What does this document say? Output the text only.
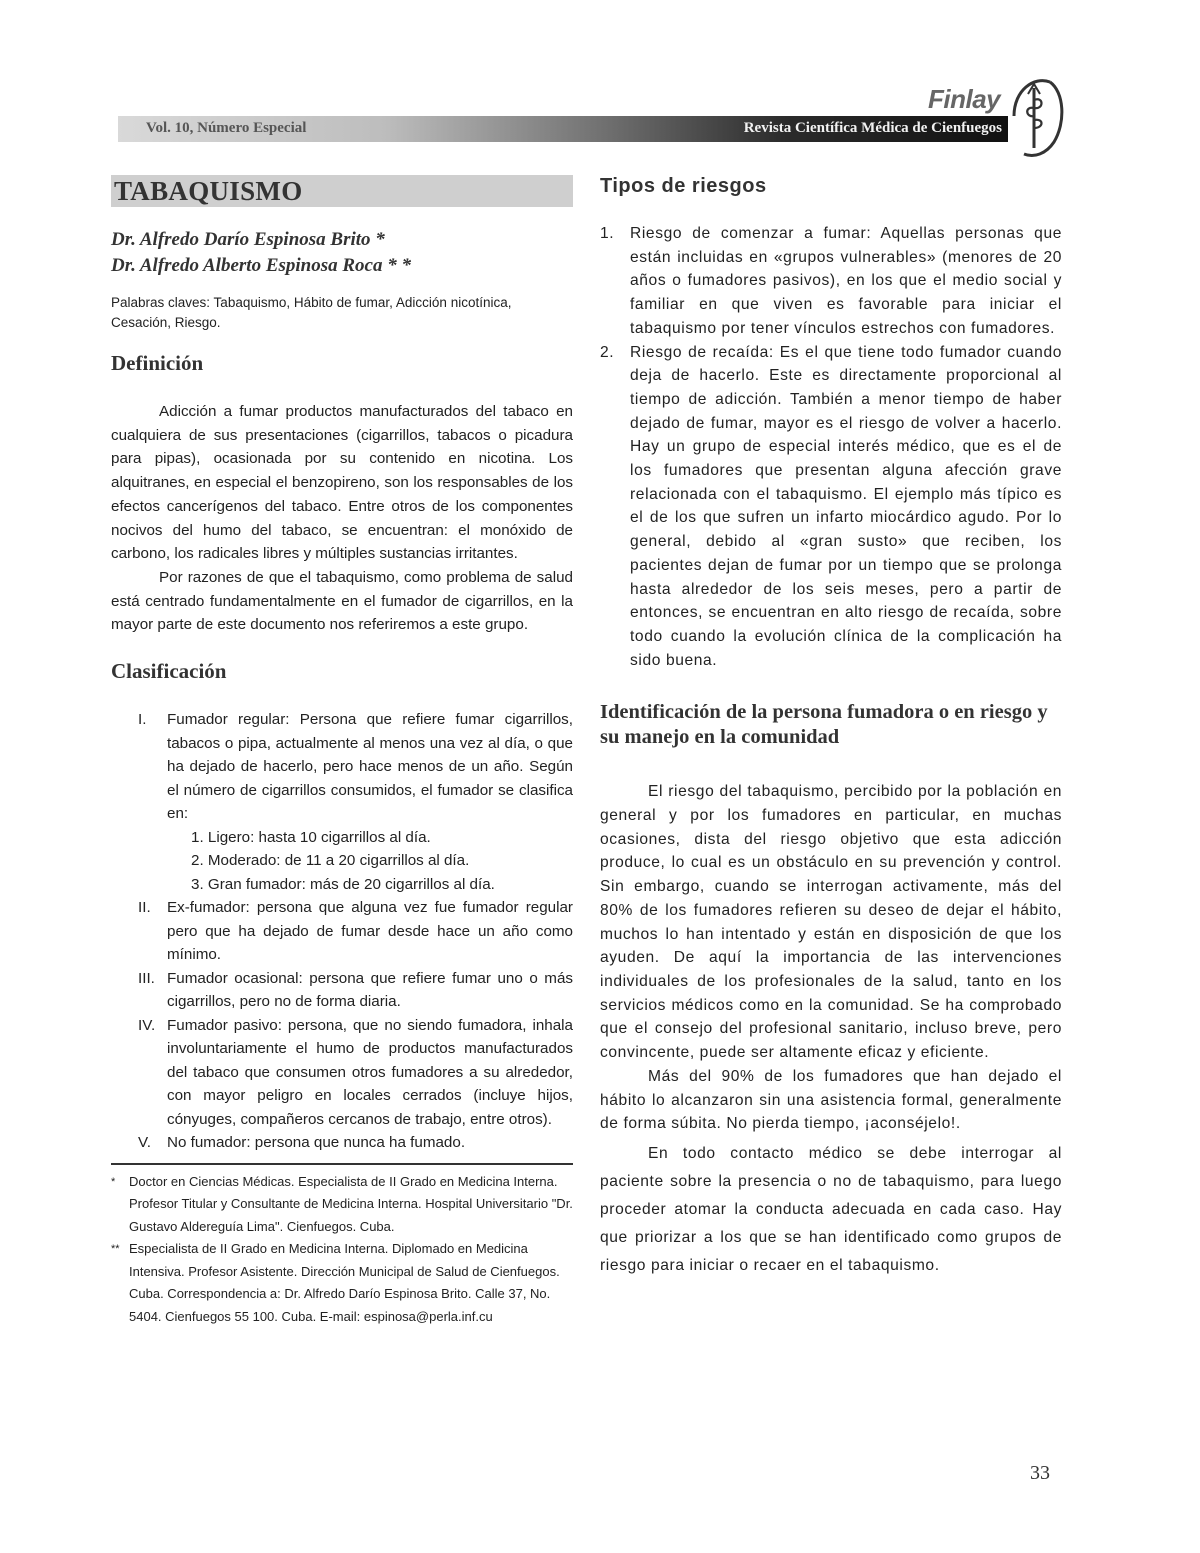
Vol. 10, Número Especial	Revista Científica Médica de Cienfuegos
Finlay
TABAQUISMO
Dr. Alfredo Darío Espinosa Brito *
Dr. Alfredo Alberto Espinosa Roca * *
Palabras claves: Tabaquismo, Hábito de fumar, Adicción nicotínica, Cesación, Riesgo.
Definición
Adicción a fumar productos manufacturados del tabaco en cualquiera de sus presentaciones (cigarrillos, tabacos o picadura para pipas), ocasionada por su contenido en nicotina. Los alquitranes, en especial el benzopireno, son los responsables de los efectos cancerígenos del tabaco. Entre otros de los componentes nocivos del humo del tabaco, se encuentran: el monóxido de carbono, los radicales libres y múltiples sustancias irritantes.
Por razones de que el tabaquismo, como problema de salud está centrado fundamentalmente en el fumador de cigarrillos, en la mayor parte de este documento nos referiremos a este grupo.
Clasificación
I.	Fumador regular: Persona que refiere fumar cigarrillos, tabacos o pipa, actualmente al menos una vez al día, o que ha dejado de hacerlo, pero hace menos de un año. Según el número de cigarrillos consumidos, el fumador se clasifica en:
1. Ligero: hasta 10 cigarrillos al día.
2. Moderado: de 11 a 20 cigarrillos al día.
3. Gran fumador: más de 20 cigarrillos al día.
II.	Ex-fumador: persona que alguna vez fue fumador regular pero que ha dejado de fumar desde hace un año como mínimo.
III. Fumador ocasional: persona que refiere fumar uno o más cigarrillos, pero no de forma diaria.
IV. Fumador pasivo: persona, que no siendo fumadora, inhala involuntariamente el humo de productos manufacturados del tabaco que consumen otros fumadores a su alrededor, con mayor peligro en locales cerrados (incluye hijos, cónyuges, compañeros cercanos de trabajo, entre otros).
V.	No fumador: persona que nunca ha fumado.
*	Doctor en Ciencias Médicas. Especialista de II Grado en Medicina Interna. Profesor Titular y Consultante de Medicina Interna. Hospital Universitario "Dr. Gustavo Aldereguía Lima". Cienfuegos. Cuba.
** Especialista de II Grado en Medicina Interna. Diplomado en Medicina Intensiva. Profesor Asistente. Dirección Municipal de Salud de Cienfuegos. Cuba. Correspondencia a: Dr. Alfredo Darío Espinosa Brito. Calle 37, No. 5404. Cienfuegos 55 100. Cuba. E-mail: espinosa@perla.inf.cu
Tipos de riesgos
1.	Riesgo de comenzar a fumar: Aquellas personas que están incluidas en «grupos vulnerables» (menores de 20 años o fumadores pasivos), en los que el medio social y familiar en que viven es favorable para iniciar el tabaquismo por tener vínculos estrechos con fumadores.
2.	Riesgo de recaída: Es el que tiene todo fumador cuando deja de hacerlo. Este es directamente proporcional al tiempo de adicción. También a menor tiempo de haber dejado de fumar, mayor es el riesgo de volver a hacerlo. Hay un grupo de especial interés médico, que es el de los fumadores que presentan alguna afección grave relacionada con el tabaquismo. El ejemplo más típico es el de los que sufren un infarto miocárdico agudo. Por lo general, debido al «gran susto» que reciben, los pacientes dejan de fumar por un tiempo que se prolonga hasta alrededor de los seis meses, pero a partir de entonces, se encuentran en alto riesgo de recaída, sobre todo cuando la evolución clínica de la complicación ha sido buena.
Identificación de la persona fumadora o en riesgo y su manejo en la comunidad
El riesgo del tabaquismo, percibido por la población en general y por los fumadores en particular, en muchas ocasiones, dista del riesgo objetivo que esta adicción produce, lo cual es un obstáculo en su prevención y control. Sin embargo, cuando se interrogan activamente, más del 80% de los fumadores refieren su deseo de dejar el hábito, muchos lo han intentado y están en disposición de que los ayuden. De aquí la importancia de las intervenciones individuales de los profesionales de la salud, tanto en los servicios médicos como en la comunidad. Se ha comprobado que el consejo del profesional sanitario, incluso breve, pero convincente, puede ser altamente eficaz y eficiente.
Más del 90% de los fumadores que han dejado el hábito lo alcanzaron sin una asistencia formal, generalmente de forma súbita. No pierda tiempo, ¡aconséjelo!.
En todo contacto médico se debe interrogar al paciente sobre la presencia o no de tabaquismo, para luego proceder atomar la conducta adecuada en cada caso. Hay que priorizar a los que se han identificado como grupos de riesgo para iniciar o recaer en el tabaquismo.
33
